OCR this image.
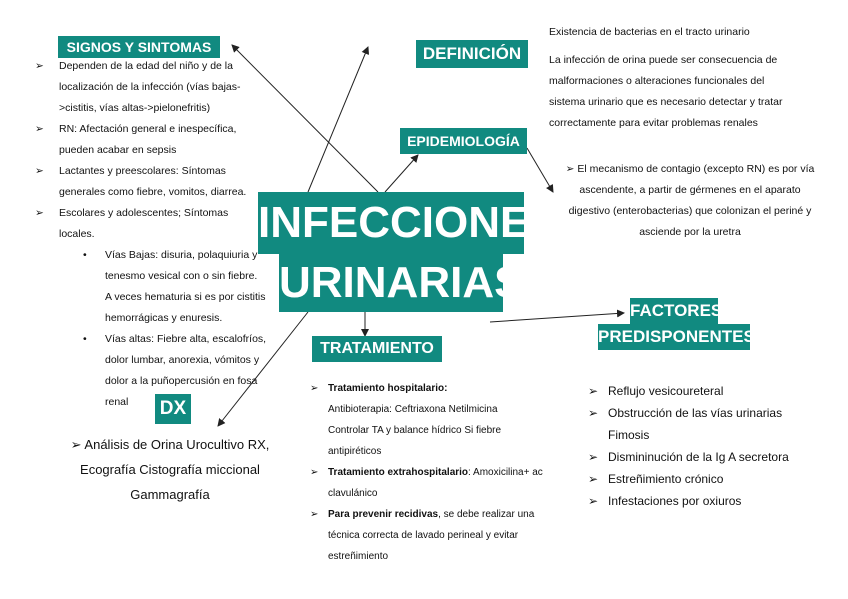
INFECCIONES
URINARIAS
SIGNOS Y SINTOMAS	DEFINICIÓN
EPIDEMIOLOGÍA
FACTORES
PREDISPONENTES
TRATAMIENTO
DX

Existencia de bacterias en el tracto urinario

La infección de orina puede ser consecuencia de

malformaciones o alteraciones funcionales del

sistema urinario que es necesario detectar y tratar

correctamente para evitar problemas renales

➢ El mecanismo de contagio (excepto RN) es por vía

ascendente, a partir de gérmenes en el aparato

digestivo (enterobacterias) que colonizan el periné y

asciende por la uretra

➢ Dependen de la edad del niño y de la

localización de la infección (vías bajas-

>cistitis, vías altas->pielonefritis)

➢ RN: Afectación general e inespecífica,

pueden acabar en sepsis

➢ Lactantes y preescolares: Síntomas

generales como fiebre, vomitos, diarrea.

➢ Escolares y adolescentes; Síntomas

locales.

• Vías Bajas: disuria, polaquiuria y

tenesmo vesical con o sin fiebre.

A veces hematuria si es por cistitis

hemorrágicas y enuresis.

• Vías altas: Fiebre alta, escalofríos,

dolor lumbar, anorexia, vómitos y

dolor a la puñopercusión en fosa

renal

➢ Análisis de Orina Urocultivo RX,

Ecografía Cistografía miccional

Gammagrafía

➢ Tratamiento hospitalario:

Antibioterapia: Ceftriaxona Netilmicina

Controlar TA y balance hídrico Si fiebre

antipiréticos

➢ Tratamiento extrahospitalario: Amoxicilina+ ac

clavulánico

➢ Para prevenir recidivas, se debe realizar una

técnica correcta de lavado perineal y evitar

estreñimiento

➢ Reflujo vesicoureteral

➢ Obstrucción de las vías urinarias

Fimosis

➢ Dismininución de la Ig A secretora

➢ Estreñimiento crónico

➢ Infestaciones por oxiuros
